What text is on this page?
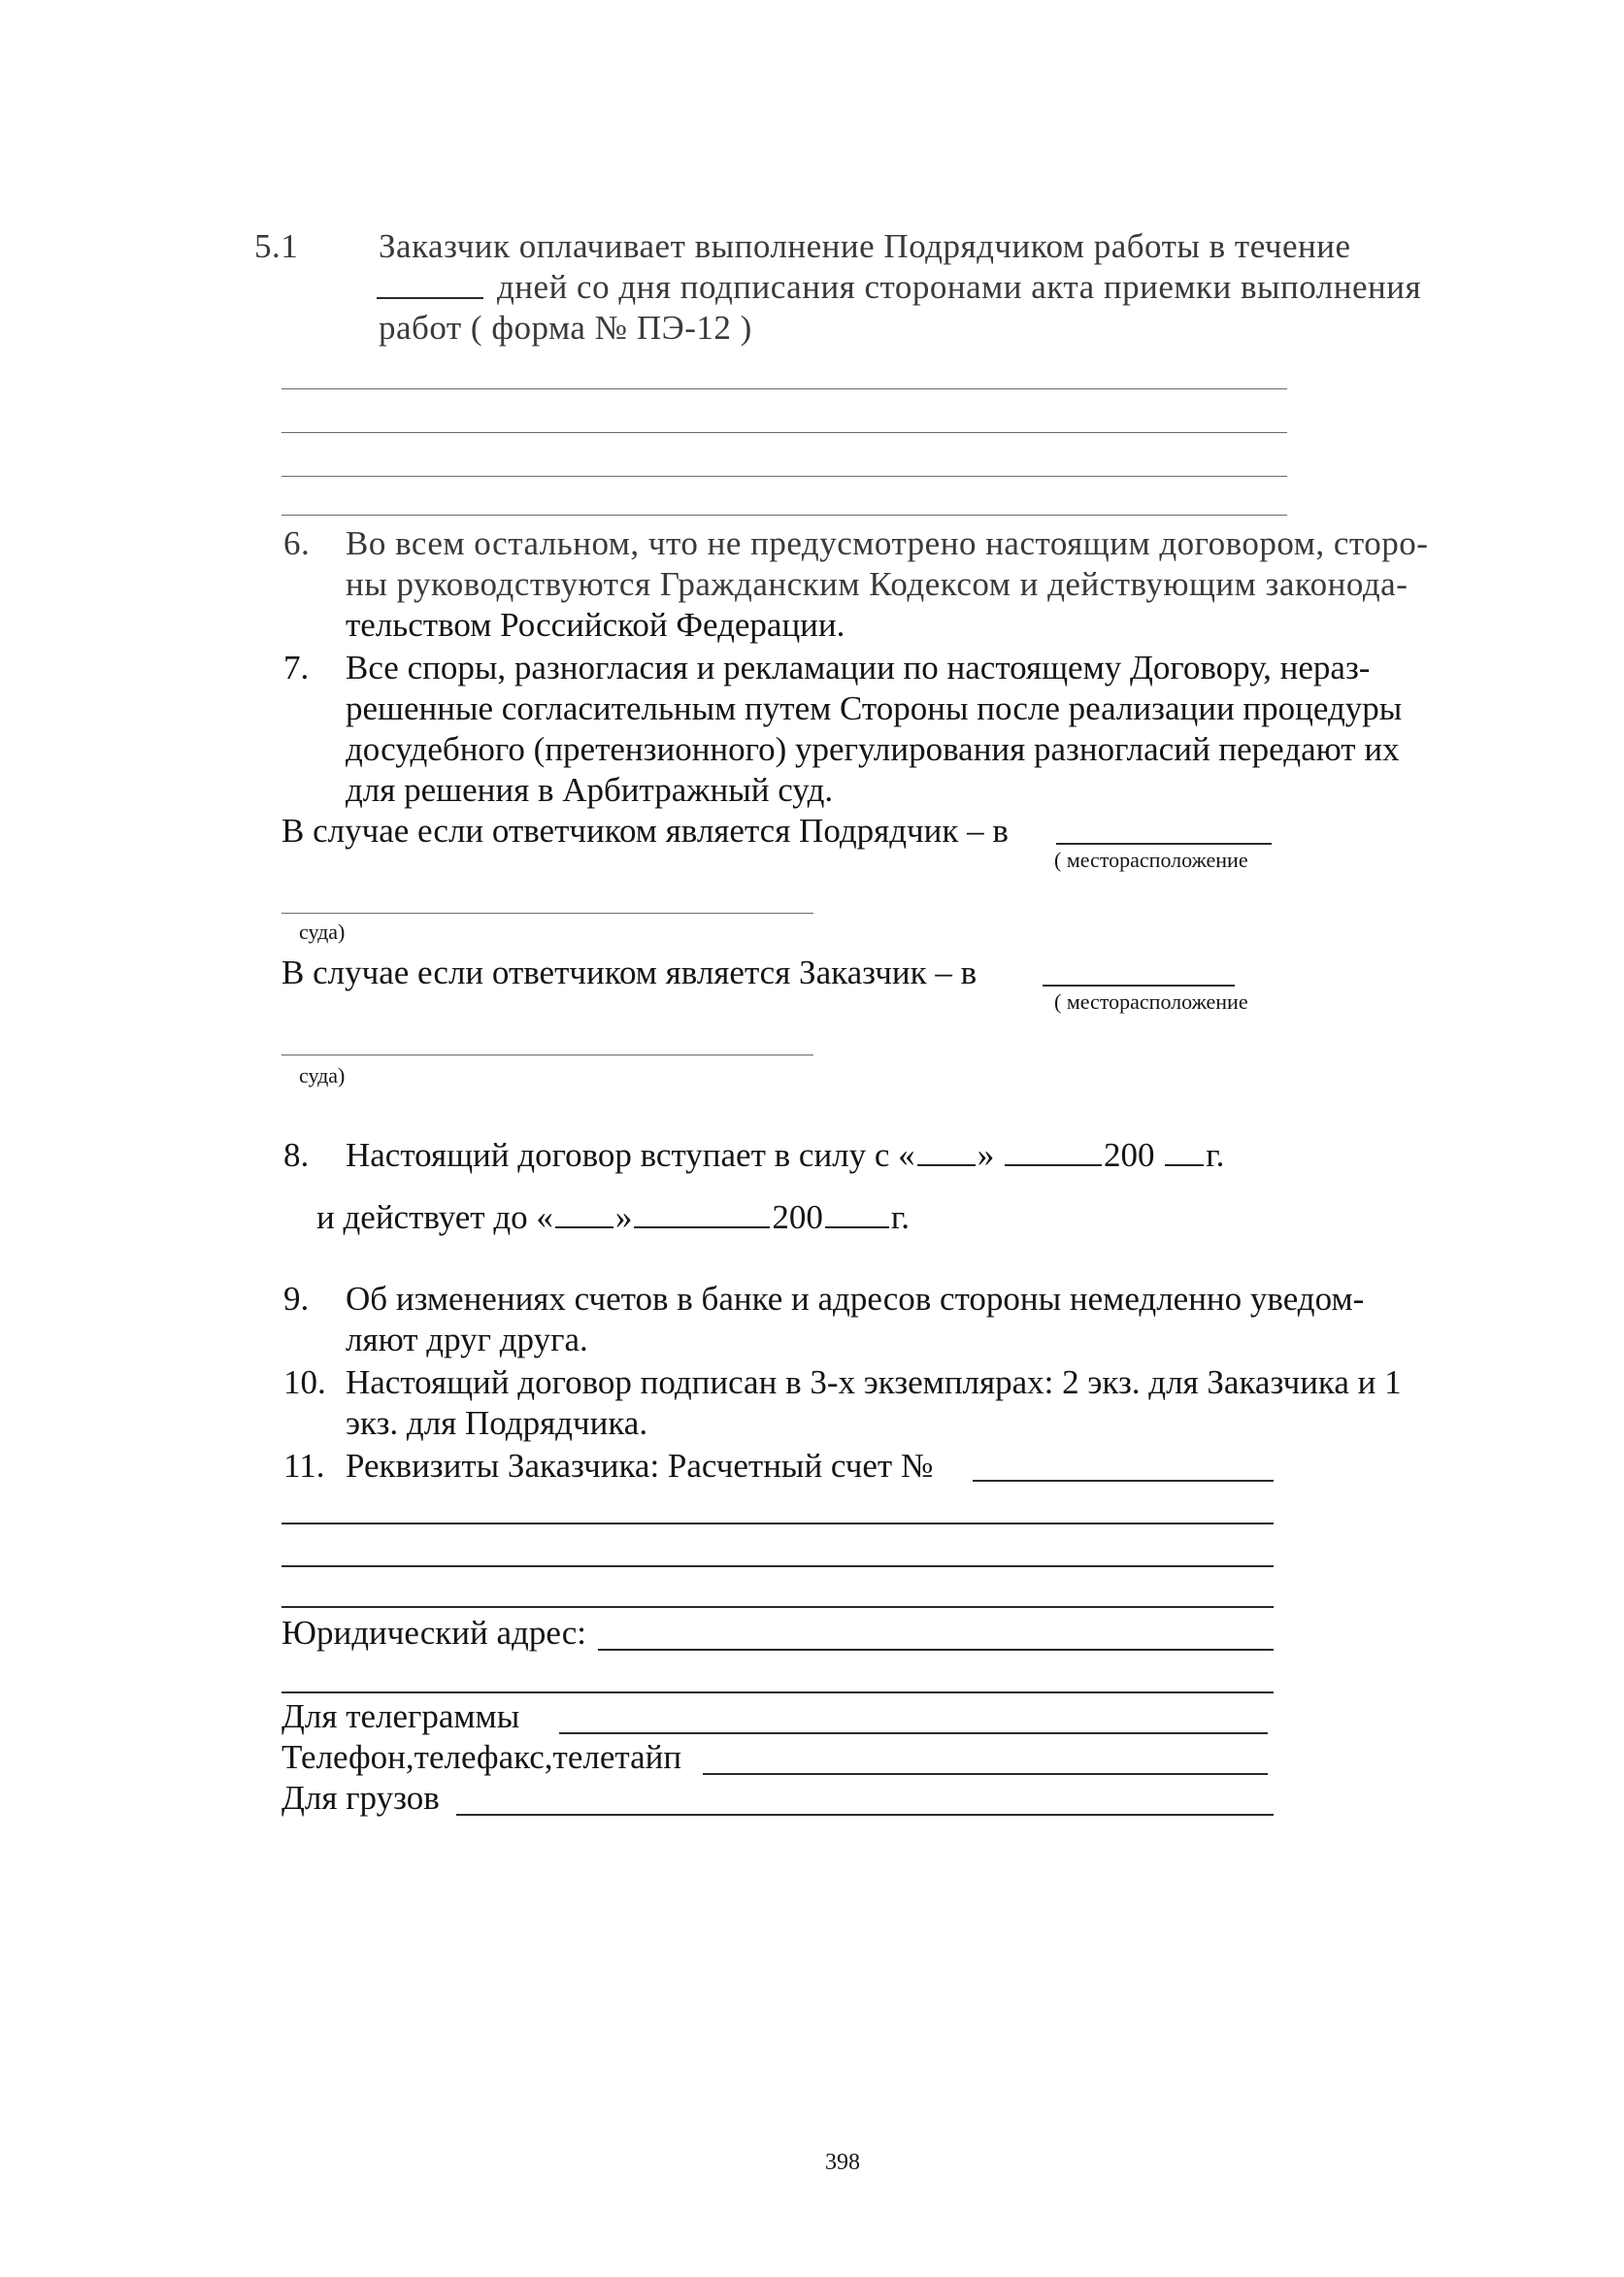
5.1 Заказчик оплачивает выполнение Подрядчиком работы в течение
дней со дня подписания сторонами акта приемки выполнения
работ ( форма № ПЭ-12 )
6. Во всем остальном, что не предусмотрено настоящим договором, сторо-
ны руководствуются Гражданским Кодексом и действующим законода-
тельством Российской Федерации.
7. Все споры, разногласия и рекламации по настоящему Договору, нераз-
решенные согласительным путем Стороны после реализации процедуры
досудебного (претензионного) урегулирования разногласий передают их
для решения в Арбитражный суд.
В случае если ответчиком является Подрядчик – в
( месторасположение
суда)
В случае если ответчиком является Заказчик – в
( месторасположение
суда)
8. Настоящий договор вступает в силу с « »	200 г.
и действует до « »	200 г.
9. Об изменениях счетов в банке и адресов стороны немедленно уведом-
ляют друг друга.
10. Настоящий договор подписан в 3-х экземплярах: 2 экз. для Заказчика и 1
экз. для Подрядчика.
11. Реквизиты Заказчика: Расчетный счет №
Юридический адрес:
Для телеграммы
Телефон,телефакс,телетайп
Для грузов
398
